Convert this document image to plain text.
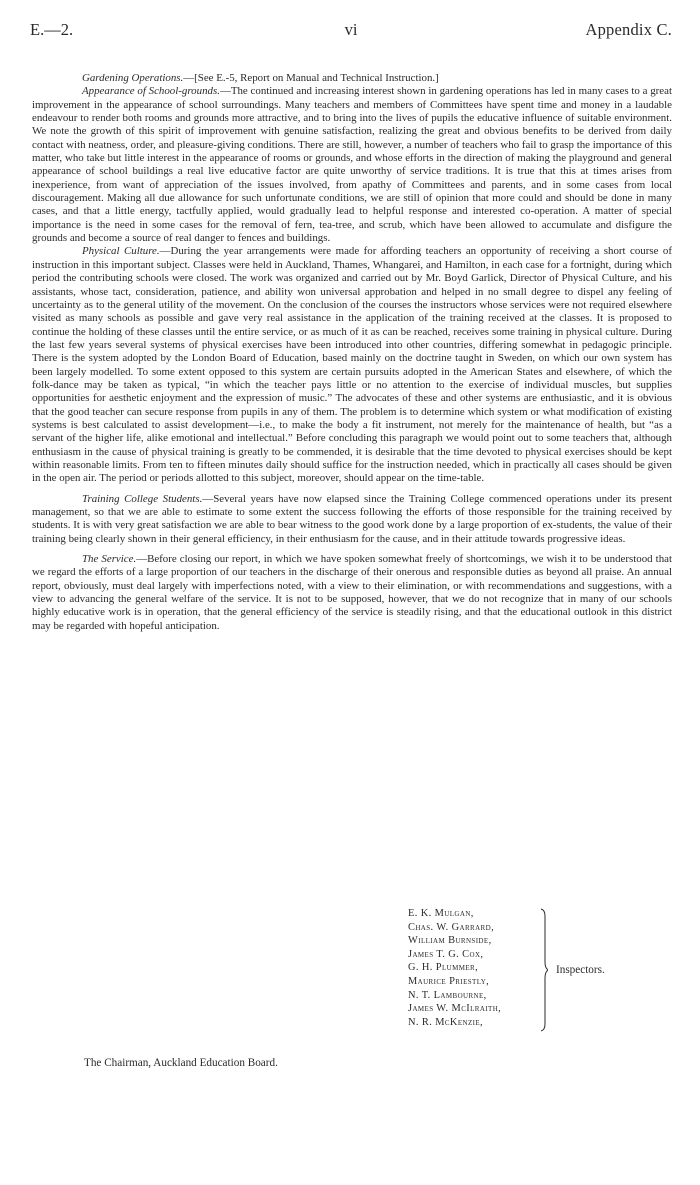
E.—2.	vi	Appendix C.

Gardening Operations.—[See E.-5, Report on Manual and Technical Instruction.]

Appearance of School-grounds.—The continued and increasing interest shown in gardening operations has led in many cases to a great improvement in the appearance of school surroundings. Many teachers and members of Committees have spent time and money in a laudable endeavour to render both rooms and grounds more attractive, and to bring into the lives of pupils the educative influence of suitable environment. We note the growth of this spirit of improvement with genuine satisfaction, realizing the great and obvious benefits to be derived from daily contact with neatness, order, and pleasure-giving conditions. There are still, however, a number of teachers who fail to grasp the importance of this matter, who take but little interest in the appearance of rooms or grounds, and whose efforts in the direction of making the playground and general appearance of school buildings a real live educative factor are quite unworthy of service traditions. It is true that this at times arises from inexperience, from want of appreciation of the issues involved, from apathy of Committees and parents, and in some cases from local discouragement. Making all due allowance for such unfortunate conditions, we are still of opinion that more could and should be done in many cases, and that a little energy, tactfully applied, would gradually lead to helpful response and interested co-operation. A matter of special importance is the need in some cases for the removal of fern, tea-tree, and scrub, which have been allowed to accumulate and disfigure the grounds and become a source of real danger to fences and buildings.

Physical Culture.—During the year arrangements were made for affording teachers an opportunity of receiving a short course of instruction in this important subject. Classes were held in Auckland, Thames, Whangarei, and Hamilton, in each case for a fortnight, during which period the contributing schools were closed. The work was organized and carried out by Mr. Boyd Garlick, Director of Physical Culture, and his assistants, whose tact, consideration, patience, and ability won universal approbation and helped in no small degree to dispel any feeling of uncertainty as to the general utility of the movement. On the conclusion of the courses the instructors whose services were not required elsewhere visited as many schools as possible and gave very real assistance in the application of the training received at the classes. It is proposed to continue the holding of these classes until the entire service, or as much of it as can be reached, receives some training in physical culture. During the last few years several systems of physical exercises have been introduced into other countries, differing somewhat in pedagogic principle. There is the system adopted by the London Board of Education, based mainly on the doctrine taught in Sweden, on which our own system has been largely modelled. To some extent opposed to this system are certain pursuits adopted in the American States and elsewhere, of which the folk-dance may be taken as typical, “in which the teacher pays little or no attention to the exercise of individual muscles, but supplies opportunities for aesthetic enjoyment and the expression of music.” The advocates of these and other systems are enthusiastic, and it is obvious that the good teacher can secure response from pupils in any of them. The problem is to determine which system or what modification of existing systems is best calculated to assist development—i.e., to make the body a fit instrument, not merely for the maintenance of health, but “as a servant of the higher life, alike emotional and intellectual.” Before concluding this paragraph we would point out to some teachers that, although enthusiasm in the cause of physical training is greatly to be commended, it is desirable that the time devoted to physical exercises should be kept within reasonable limits. From ten to fifteen minutes daily should suffice for the instruction needed, which in practically all cases should be given in the open air. The period or periods allotted to this subject, moreover, should appear on the time-table.

Training College Students.—Several years have now elapsed since the Training College commenced operations under its present management, so that we are able to estimate to some extent the success following the efforts of those responsible for the training received by students. It is with very great satisfaction we are able to bear witness to the good work done by a large proportion of ex-students, the value of their training being clearly shown in their general efficiency, in their enthusiasm for the cause, and in their attitude towards progressive ideas.

The Service.—Before closing our report, in which we have spoken somewhat freely of shortcomings, we wish it to be understood that we regard the efforts of a large proportion of our teachers in the discharge of their onerous and responsible duties as beyond all praise. An annual report, obviously, must deal largely with imperfections noted, with a view to their elimination, or with recommendations and suggestions, with a view to advancing the general welfare of the service. It is not to be supposed, however, that we do not recognize that in many of our schools highly educative work is in operation, that the general efficiency of the service is steadily rising, and that the educational outlook in this district may be regarded with hopeful anticipation.

E. K. Mulgan,
Chas. W. Garrard,
William Burnside,
James T. G. Cox,
G. H. Plummer,
Maurice Priestly,
N. T. Lambourne,
James W. McIlraith,
N. R. McKenzie,
Inspectors.
The Chairman, Auckland Education Board.
